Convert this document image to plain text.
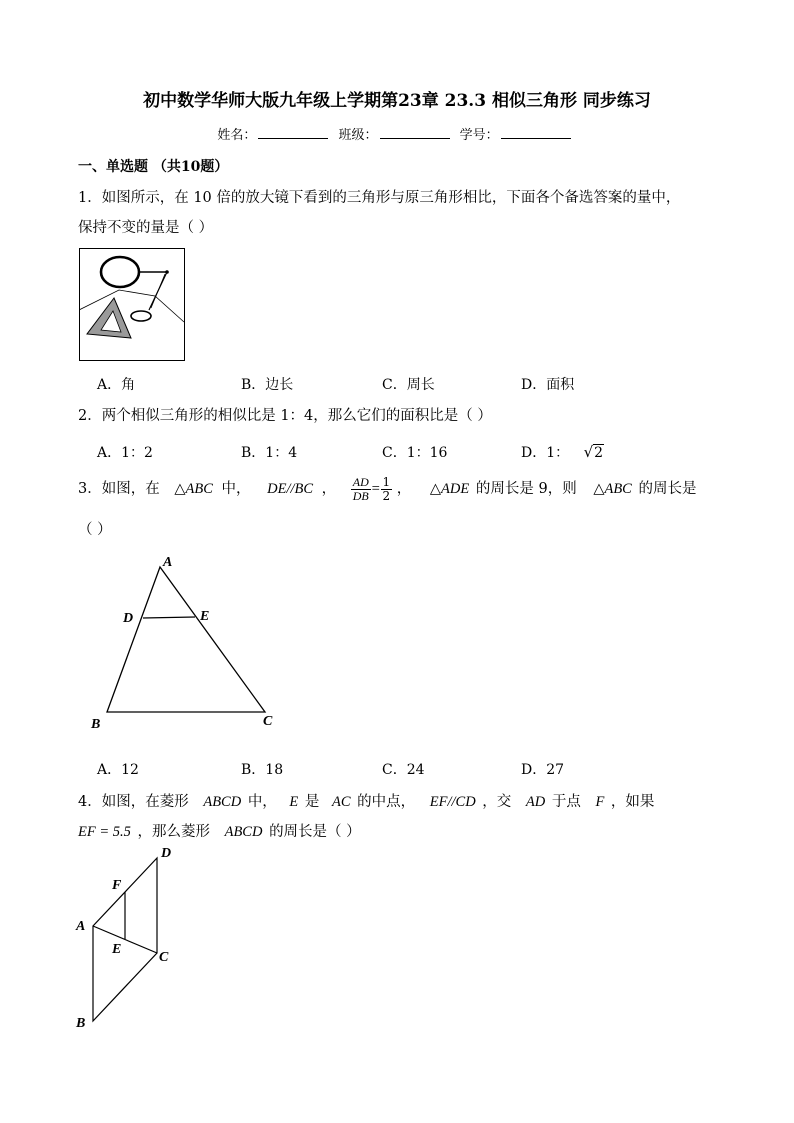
初中数学华师大版九年级上学期第23章 23.3 相似三角形 同步练习
姓名：	班级：	学号：
一、单选题 （共10题）
1．如图所示，在 10 倍的放大镜下看到的三角形与原三角形相比，下面各个备选答案的量中，
保持不变的量是（ ）
A．角	B．边长	C．周长	D．面积
2．两个相似三角形的相似比是 1：4，那么它们的面积比是（ ）
A．1：2	B．1：4	C．1：16	D．1： √2
3．如图，在 △ABC 中， DE//BC ， $\frac{AD}{DB} = \frac{1}{2}$ ， △ADE 的周长是 9，则 △ABC 的周长是
（ ）
A
D	E
B	C
A．12	B．18	C．24	D．27
4．如图，在菱形 ABCD 中， E 是 AC 的中点， EF//CD ，交 AD 于点 F ，如果
EF = 5.5 ，那么菱形 ABCD 的周长是（ ）
D
F
A
E
C
B
